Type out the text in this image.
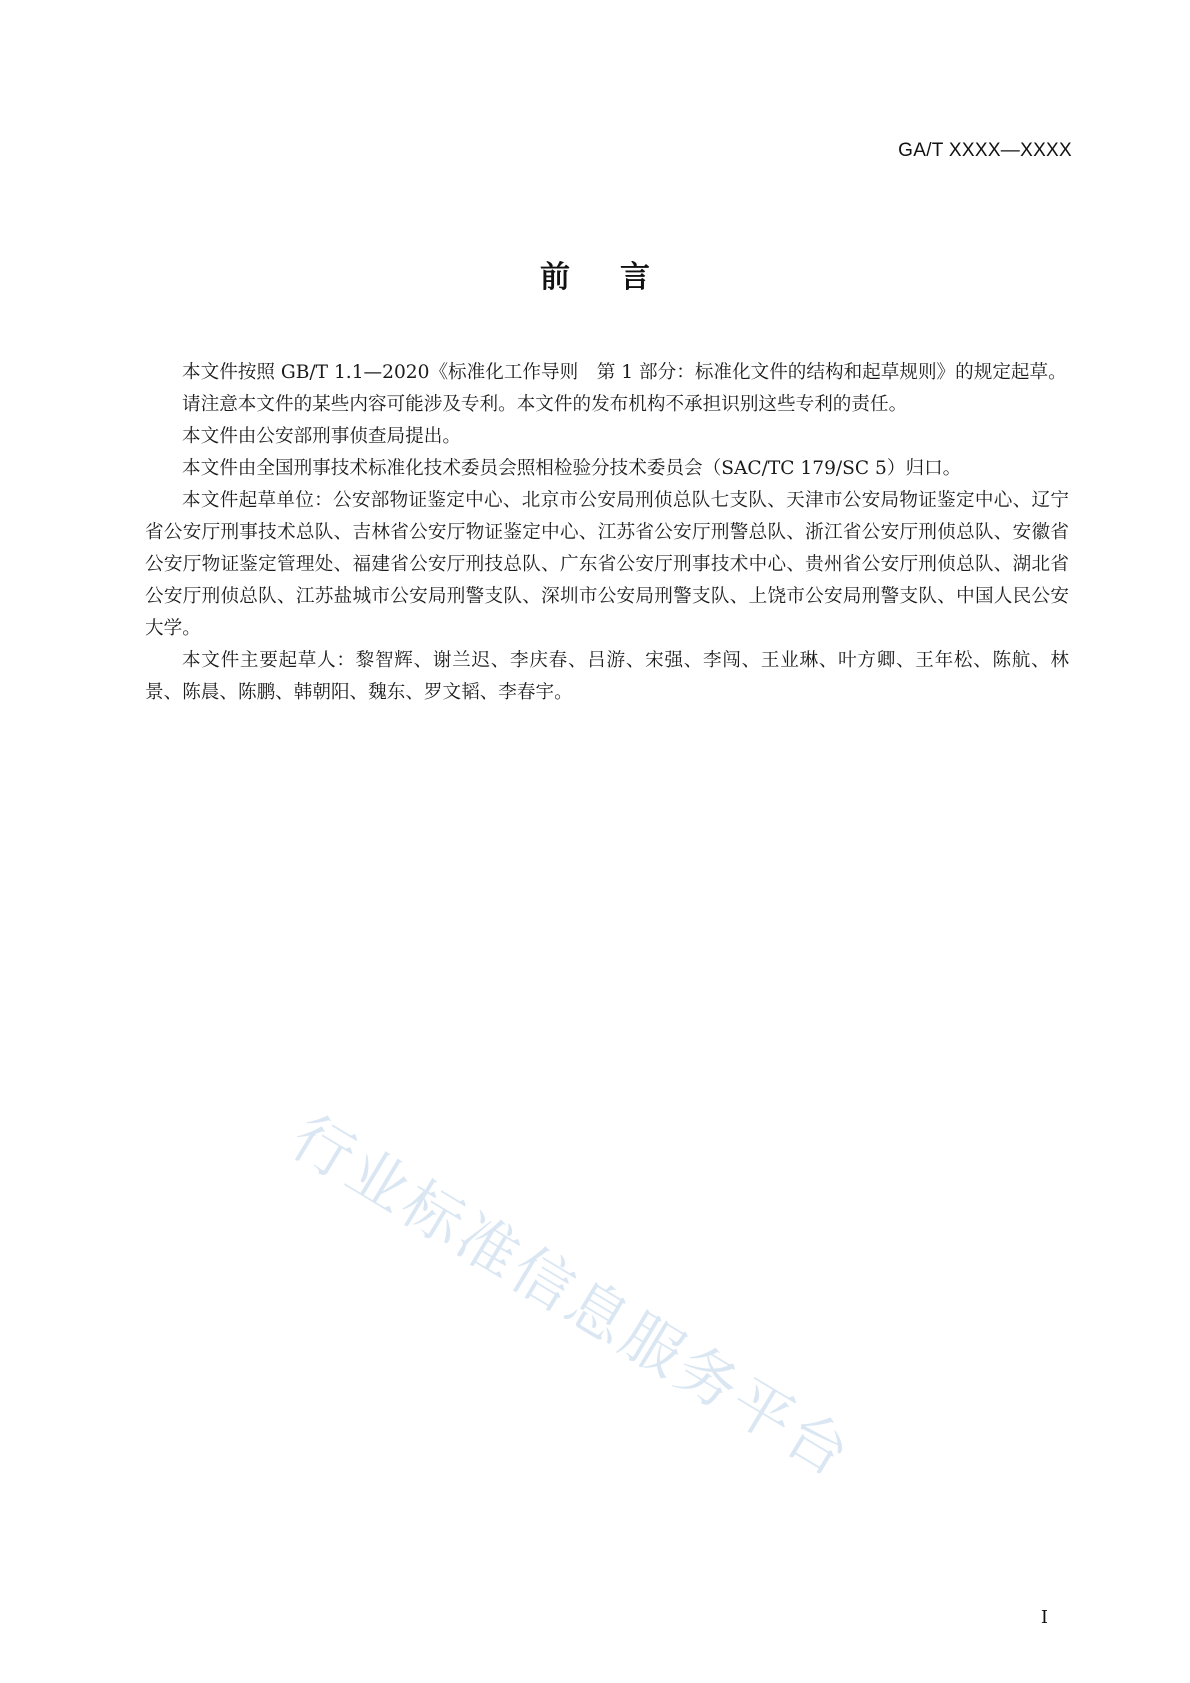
GA/T XXXX—XXXX
前言

本文件按照 GB/T 1.1—2020《标准化工作导则　第 1 部分：标准化文件的结构和起草规则》的规定起草。

请注意本文件的某些内容可能涉及专利。本文件的发布机构不承担识别这些专利的责任。

本文件由公安部刑事侦查局提出。

本文件由全国刑事技术标准化技术委员会照相检验分技术委员会（SAC/TC 179/SC 5）归口。

本文件起草单位：公安部物证鉴定中心、北京市公安局刑侦总队七支队、天津市公安局物证鉴定中心、辽宁省公安厅刑事技术总队、吉林省公安厅物证鉴定中心、江苏省公安厅刑警总队、浙江省公安厅刑侦总队、安徽省公安厅物证鉴定管理处、福建省公安厅刑技总队、广东省公安厅刑事技术中心、贵州省公安厅刑侦总队、湖北省公安厅刑侦总队、江苏盐城市公安局刑警支队、深圳市公安局刑警支队、上饶市公安局刑警支队、中国人民公安大学。

本文件主要起草人：黎智辉、谢兰迟、李庆春、吕游、宋强、李闯、王业琳、叶方卿、王年松、陈航、林景、陈晨、陈鹏、韩朝阳、魏东、罗文韬、李春宇。

行业标准信息服务平台
I
